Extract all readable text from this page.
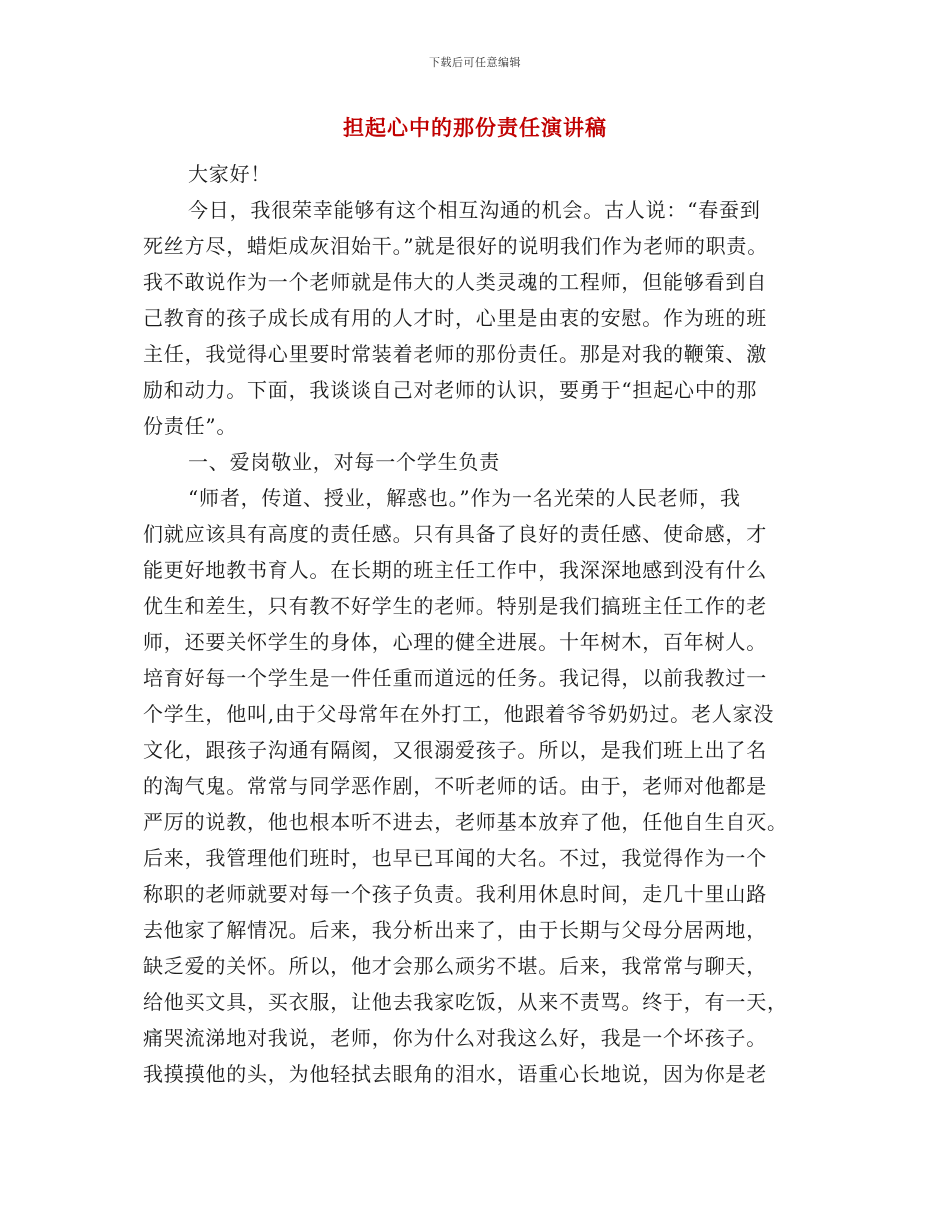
下载后可任意编辑
担起心中的那份责任演讲稿
大家好！
今日，我很荣幸能够有这个相互沟通的机会。古人说：“春蚕到
死丝方尽，蜡炬成灰泪始干。”就是很好的说明我们作为老师的职责。
我不敢说作为一个老师就是伟大的人类灵魂的工程师，但能够看到自
己教育的孩子成长成有用的人才时，心里是由衷的安慰。作为班的班
主任，我觉得心里要时常装着老师的那份责任。那是对我的鞭策、激
励和动力。下面，我谈谈自己对老师的认识，要勇于“担起心中的那
份责任”。
一、爱岗敬业，对每一个学生负责
“师者，传道、授业，解惑也。”作为一名光荣的人民老师，我
们就应该具有高度的责任感。只有具备了良好的责任感、使命感，才
能更好地教书育人。在长期的班主任工作中，我深深地感到没有什么
优生和差生，只有教不好学生的老师。特别是我们搞班主任工作的老
师，还要关怀学生的身体，心理的健全进展。十年树木，百年树人。
培育好每一个学生是一件任重而道远的任务。我记得，以前我教过一
个学生，他叫,由于父母常年在外打工，他跟着爷爷奶奶过。老人家没
文化，跟孩子沟通有隔阂，又很溺爱孩子。所以，是我们班上出了名
的淘气鬼。常常与同学恶作剧，不听老师的话。由于，老师对他都是
严厉的说教，他也根本听不进去，老师基本放弃了他，任他自生自灭。
后来，我管理他们班时，也早已耳闻的大名。不过，我觉得作为一个
称职的老师就要对每一个孩子负责。我利用休息时间，走几十里山路
去他家了解情况。后来，我分析出来了，由于长期与父母分居两地，
缺乏爱的关怀。所以，他才会那么顽劣不堪。后来，我常常与聊天，
给他买文具，买衣服，让他去我家吃饭，从来不责骂。终于，有一天，
痛哭流涕地对我说，老师，你为什么对我这么好，我是一个坏孩子。
我摸摸他的头，为他轻拭去眼角的泪水，语重心长地说，因为你是老
